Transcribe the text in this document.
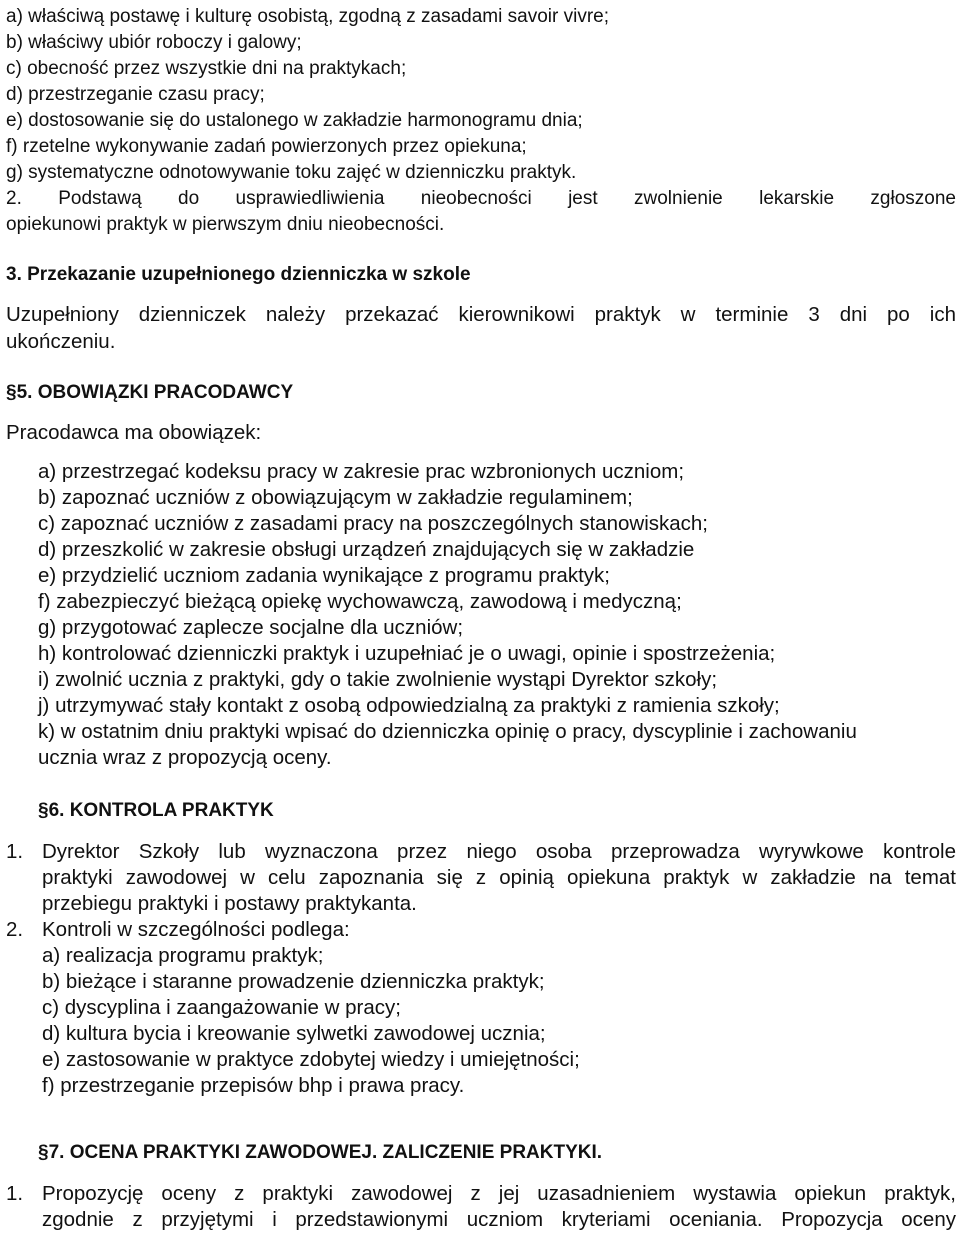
a) właściwą postawę i kulturę osobistą, zgodną z zasadami savoir vivre;
b) właściwy ubiór roboczy i galowy;
c) obecność przez wszystkie dni na praktykach;
d) przestrzeganie czasu pracy;
e) dostosowanie się do ustalonego w zakładzie harmonogramu dnia;
f) rzetelne wykonywanie zadań powierzonych przez opiekuna;
g) systematyczne odnotowywanie toku zajęć w dzienniczku praktyk.
2. Podstawą do usprawiedliwienia nieobecności jest zwolnienie lekarskie zgłoszone
opiekunowi praktyk w pierwszym dniu nieobecności.
3. Przekazanie uzupełnionego dzienniczka w szkole
Uzupełniony dzienniczek należy przekazać kierownikowi praktyk w terminie 3 dni po ich
ukończeniu.
§5. OBOWIĄZKI PRACODAWCY
Pracodawca ma obowiązek:
a) przestrzegać kodeksu pracy w zakresie prac wzbronionych uczniom;
b) zapoznać uczniów z obowiązującym w zakładzie regulaminem;
c) zapoznać uczniów z zasadami pracy na poszczególnych stanowiskach;
d) przeszkolić w zakresie obsługi urządzeń znajdujących się w zakładzie
e) przydzielić uczniom zadania wynikające z programu praktyk;
f) zabezpieczyć bieżącą opiekę wychowawczą, zawodową i medyczną;
g) przygotować zaplecze socjalne dla uczniów;
h) kontrolować dzienniczki praktyk i uzupełniać je o uwagi, opinie i spostrzeżenia;
i) zwolnić ucznia z praktyki, gdy o takie zwolnienie wystąpi Dyrektor szkoły;
j) utrzymywać stały kontakt z osobą odpowiedzialną za praktyki z ramienia szkoły;
k) w ostatnim dniu praktyki wpisać do dzienniczka opinię o pracy, dyscyplinie i zachowaniu
ucznia wraz z propozycją oceny.
§6. KONTROLA PRAKTYK
1. Dyrektor Szkoły lub wyznaczona przez niego osoba przeprowadza wyrywkowe kontrole
praktyki zawodowej w celu zapoznania się z opinią opiekuna praktyk w zakładzie na temat
przebiegu praktyki i postawy praktykanta.
2. Kontroli w szczególności podlega:
a) realizacja programu praktyk;
b) bieżące i staranne prowadzenie dzienniczka praktyk;
c) dyscyplina i zaangażowanie w pracy;
d) kultura bycia i kreowanie sylwetki zawodowej ucznia;
e) zastosowanie w praktyce zdobytej wiedzy i umiejętności;
f) przestrzeganie przepisów bhp i prawa pracy.
§7. OCENA PRAKTYKI ZAWODOWEJ. ZALICZENIE PRAKTYKI.
1. Propozycję oceny z praktyki zawodowej z jej uzasadnieniem wystawia opiekun praktyk,
zgodnie z przyjętymi i przedstawionymi uczniom kryteriami oceniania. Propozycja oceny
